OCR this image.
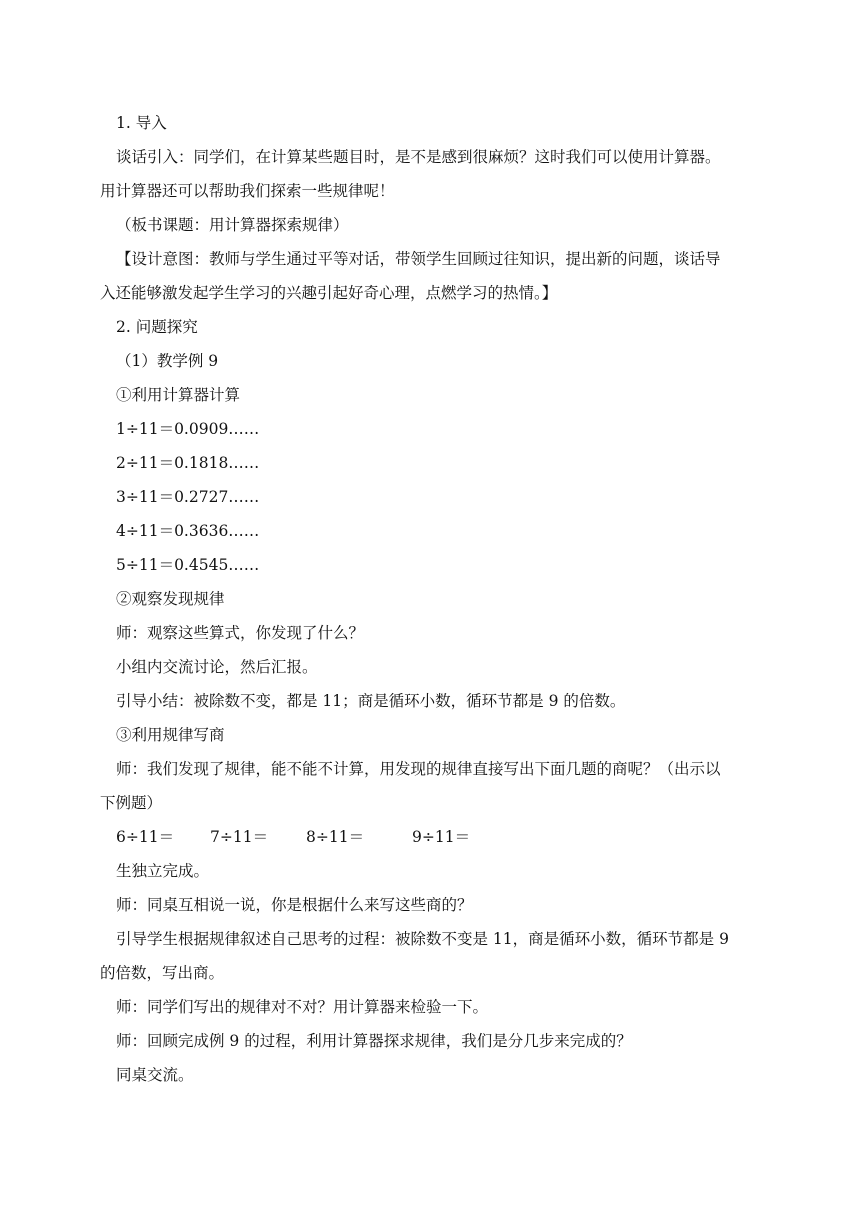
1. 导入

谈话引入：同学们，在计算某些题目时，是不是感到很麻烦？这时我们可以使用计算器。

用计算器还可以帮助我们探索一些规律呢！

（板书课题：用计算器探索规律）

【设计意图：教师与学生通过平等对话，带领学生回顾过往知识，提出新的问题，谈话导

入还能够激发起学生学习的兴趣引起好奇心理，点燃学习的热情。】

2. 问题探究

（1）教学例 9

①利用计算器计算

1÷11＝0.0909……

2÷11＝0.1818……

3÷11＝0.2727……

4÷11＝0.3636……

5÷11＝0.4545……

②观察发现规律

师：观察这些算式，你发现了什么？

小组内交流讨论，然后汇报。

引导小结：被除数不变，都是 11；商是循环小数，循环节都是 9 的倍数。

③利用规律写商

师：我们发现了规律，能不能不计算，用发现的规律直接写出下面几题的商呢？（出示以

下例题）

6÷11＝	7÷11＝	8÷11＝	9÷11＝

生独立完成。

师：同桌互相说一说，你是根据什么来写这些商的？

引导学生根据规律叙述自己思考的过程：被除数不变是 11，商是循环小数，循环节都是 9

的倍数，写出商。

师：同学们写出的规律对不对？用计算器来检验一下。

师：回顾完成例 9 的过程，利用计算器探求规律，我们是分几步来完成的？

同桌交流。
